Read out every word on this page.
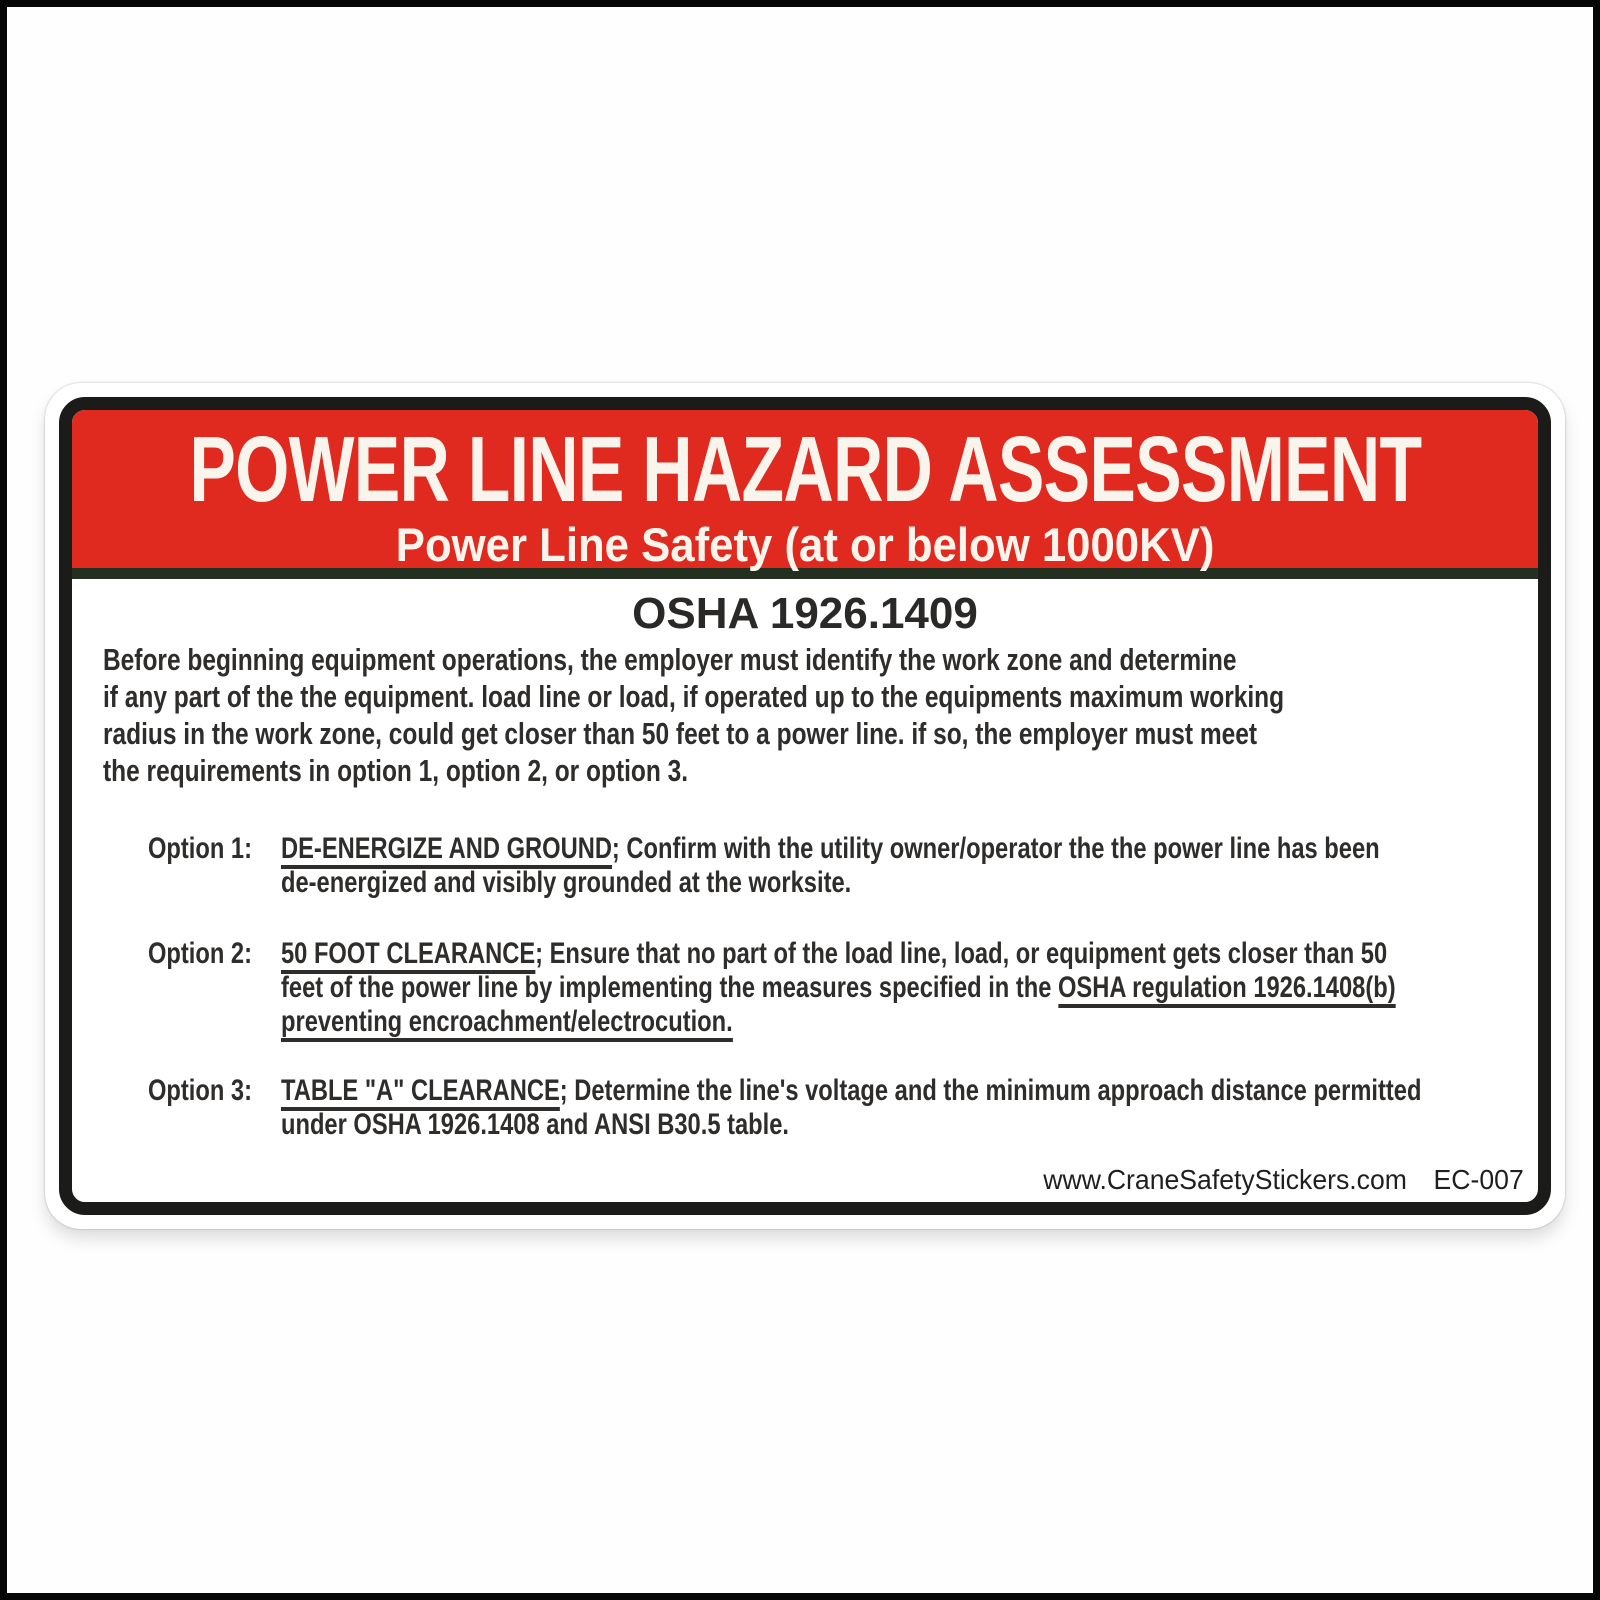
POWER LINE HAZARD ASSESSMENT
Power Line Safety (at or below 1000KV)
OSHA 1926.1409
Before beginning equipment operations, the employer must identify the work zone and determine
if any part of the the equipment. load line or load, if operated up to the equipments maximum working
radius in the work zone, could get closer than 50 feet to a power line. if so, the employer must meet
the requirements in option 1, option 2, or option 3.
Option 1: DE-ENERGIZE AND GROUND; Confirm with the utility owner/operator the the power line has been
de-energized and visibly grounded at the worksite.
Option 2: 50 FOOT CLEARANCE; Ensure that no part of the load line, load, or equipment gets closer than 50
feet of the power line by implementing the measures specified in the OSHA regulation 1926.1408(b)
preventing encroachment/electrocution.
Option 3: TABLE "A" CLEARANCE; Determine the line's voltage and the minimum approach distance permitted
under OSHA 1926.1408 and ANSI B30.5 table.
www.CraneSafetyStickers.com EC-007
